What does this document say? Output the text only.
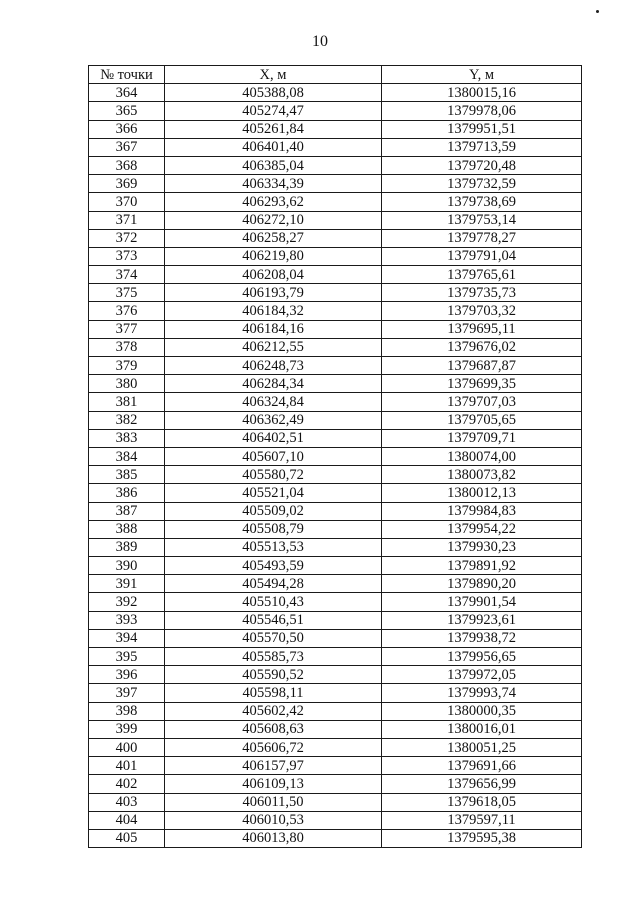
10
№ точки	X, м	Y, м
364	405388,08	1380015,16
365	405274,47	1379978,06
366	405261,84	1379951,51
367	406401,40	1379713,59
368	406385,04	1379720,48
369	406334,39	1379732,59
370	406293,62	1379738,69
371	406272,10	1379753,14
372	406258,27	1379778,27
373	406219,80	1379791,04
374	406208,04	1379765,61
375	406193,79	1379735,73
376	406184,32	1379703,32
377	406184,16	1379695,11
378	406212,55	1379676,02
379	406248,73	1379687,87
380	406284,34	1379699,35
381	406324,84	1379707,03
382	406362,49	1379705,65
383	406402,51	1379709,71
384	405607,10	1380074,00
385	405580,72	1380073,82
386	405521,04	1380012,13
387	405509,02	1379984,83
388	405508,79	1379954,22
389	405513,53	1379930,23
390	405493,59	1379891,92
391	405494,28	1379890,20
392	405510,43	1379901,54
393	405546,51	1379923,61
394	405570,50	1379938,72
395	405585,73	1379956,65
396	405590,52	1379972,05
397	405598,11	1379993,74
398	405602,42	1380000,35
399	405608,63	1380016,01
400	405606,72	1380051,25
401	406157,97	1379691,66
402	406109,13	1379656,99
403	406011,50	1379618,05
404	406010,53	1379597,11
405	406013,80	1379595,38
